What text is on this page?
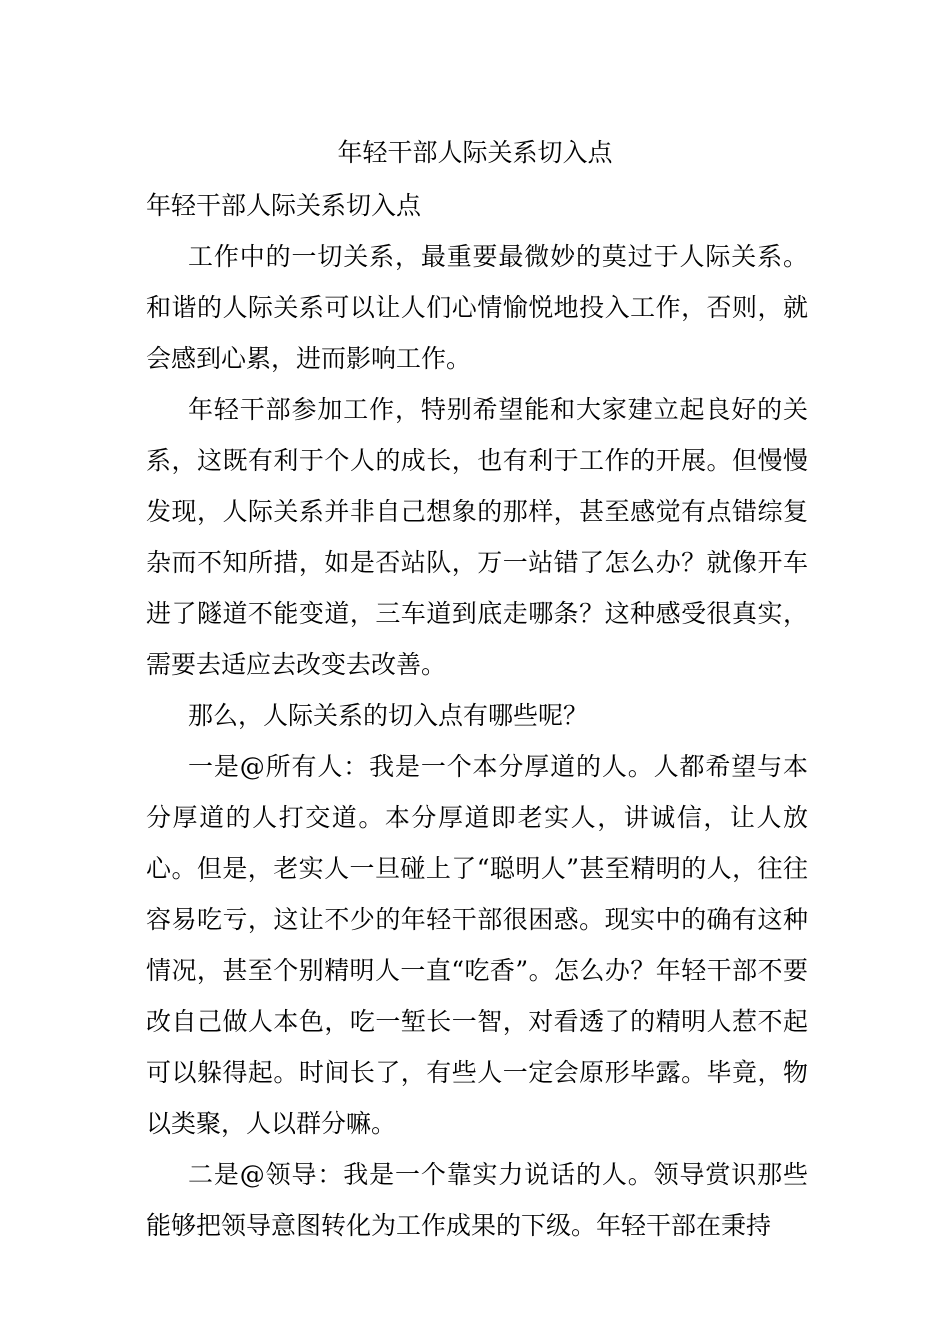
年轻干部人际关系切入点

年轻干部人际关系切入点

工作中的一切关系，最重要最微妙的莫过于人际关系。和谐的人际关系可以让人们心情愉悦地投入工作，否则，就会感到心累，进而影响工作。

年轻干部参加工作，特别希望能和大家建立起良好的关系，这既有利于个人的成长，也有利于工作的开展。但慢慢发现，人际关系并非自己想象的那样，甚至感觉有点错综复杂而不知所措，如是否站队，万一站错了怎么办？就像开车进了隧道不能变道，三车道到底走哪条？这种感受很真实，需要去适应去改变去改善。

那么，人际关系的切入点有哪些呢？

一是@所有人：我是一个本分厚道的人。人都希望与本分厚道的人打交道。本分厚道即老实人，讲诚信，让人放心。但是，老实人一旦碰上了“聪明人”甚至精明的人，往往容易吃亏，这让不少的年轻干部很困惑。现实中的确有这种情况，甚至个别精明人一直“吃香”。怎么办？年轻干部不要改自己做人本色，吃一堑长一智，对看透了的精明人惹不起可以躲得起。时间长了，有些人一定会原形毕露。毕竟，物以类聚，人以群分嘛。

二是@领导：我是一个靠实力说话的人。领导赏识那些能够把领导意图转化为工作成果的下级。年轻干部在秉持
